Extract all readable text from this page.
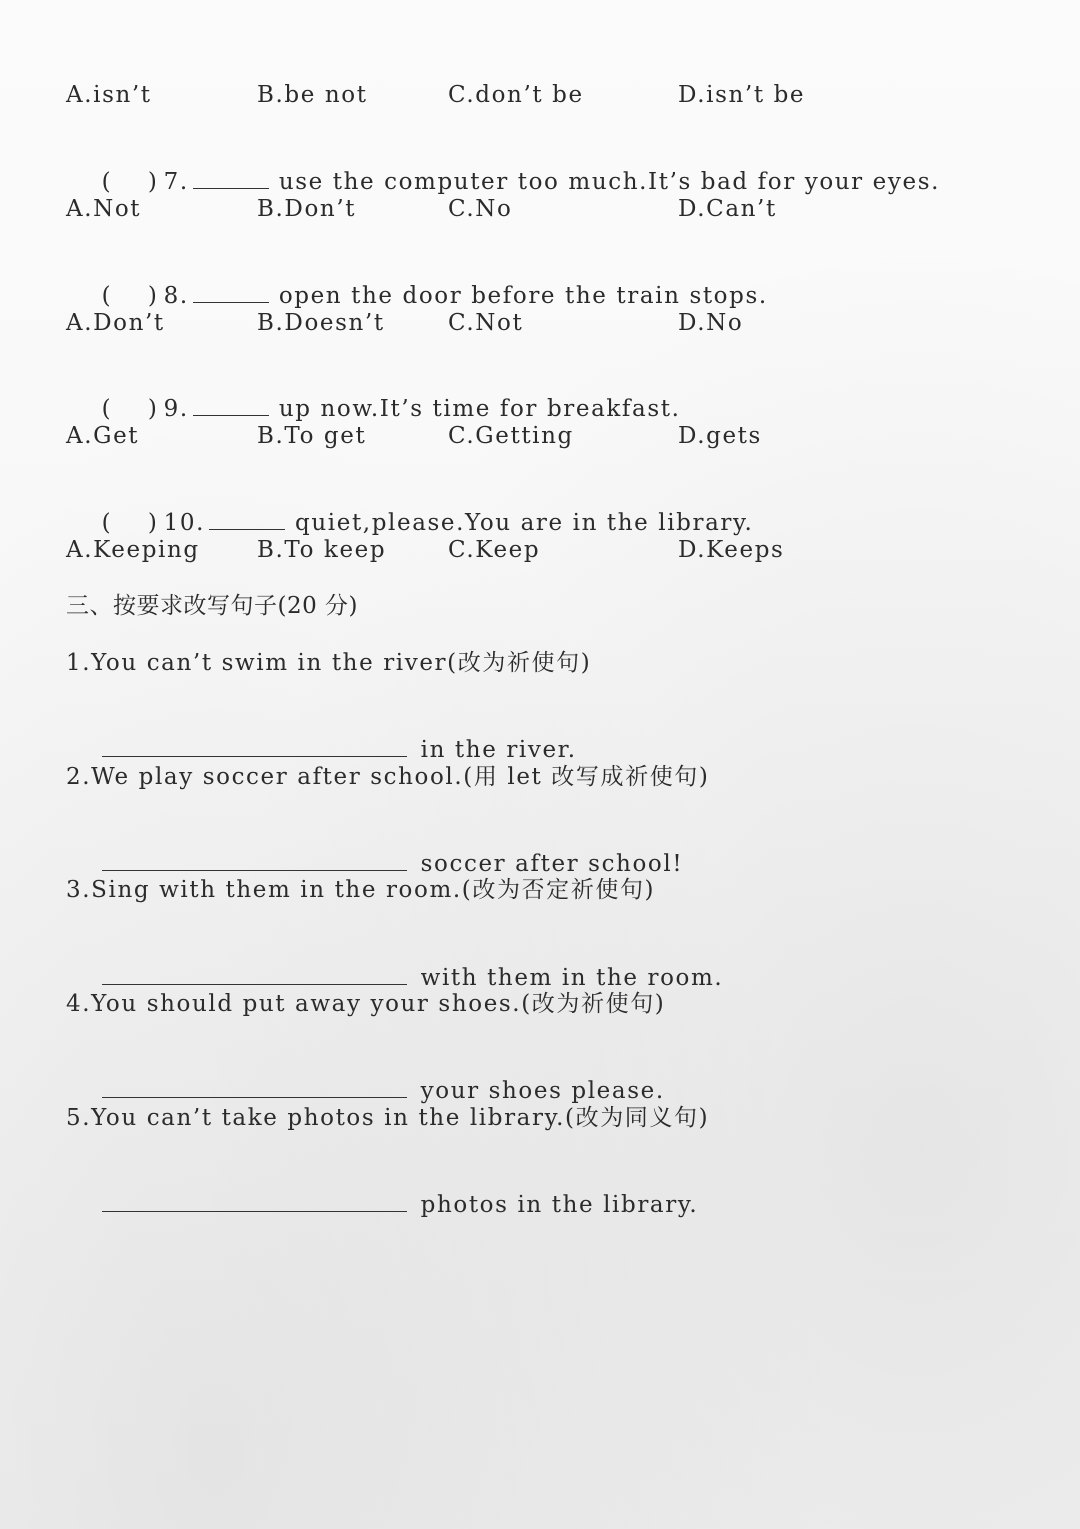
A.isn’t	B.be not	C.don’t be	D.isn’t be

(    ) 7.	use the computer too much.It’s bad for your eyes.

A.Not	B.Don’t	C.No	D.Can’t

(    ) 8.	open the door before the train stops.

A.Don’t	B.Doesn’t	C.Not	D.No

(    ) 9.	up now.It’s time for breakfast.

A.Get	B.To get	C.Getting	D.gets

(    ) 10.	quiet,please.You are in the library.

A.Keeping B.To keep	C.Keep	D.Keeps
三、按要求改写句子(20 分)
1.You can’t swim in the river(改为祈使句)

in the river.

2.We play soccer after school.(用 let 改写成祈使句)

soccer after school!

3.Sing with them in the room.(改为否定祈使句)

with them in the room.

4.You should put away your shoes.(改为祈使句)

your shoes please.

5.You can’t take photos in the library.(改为同义句)

photos in the library.
